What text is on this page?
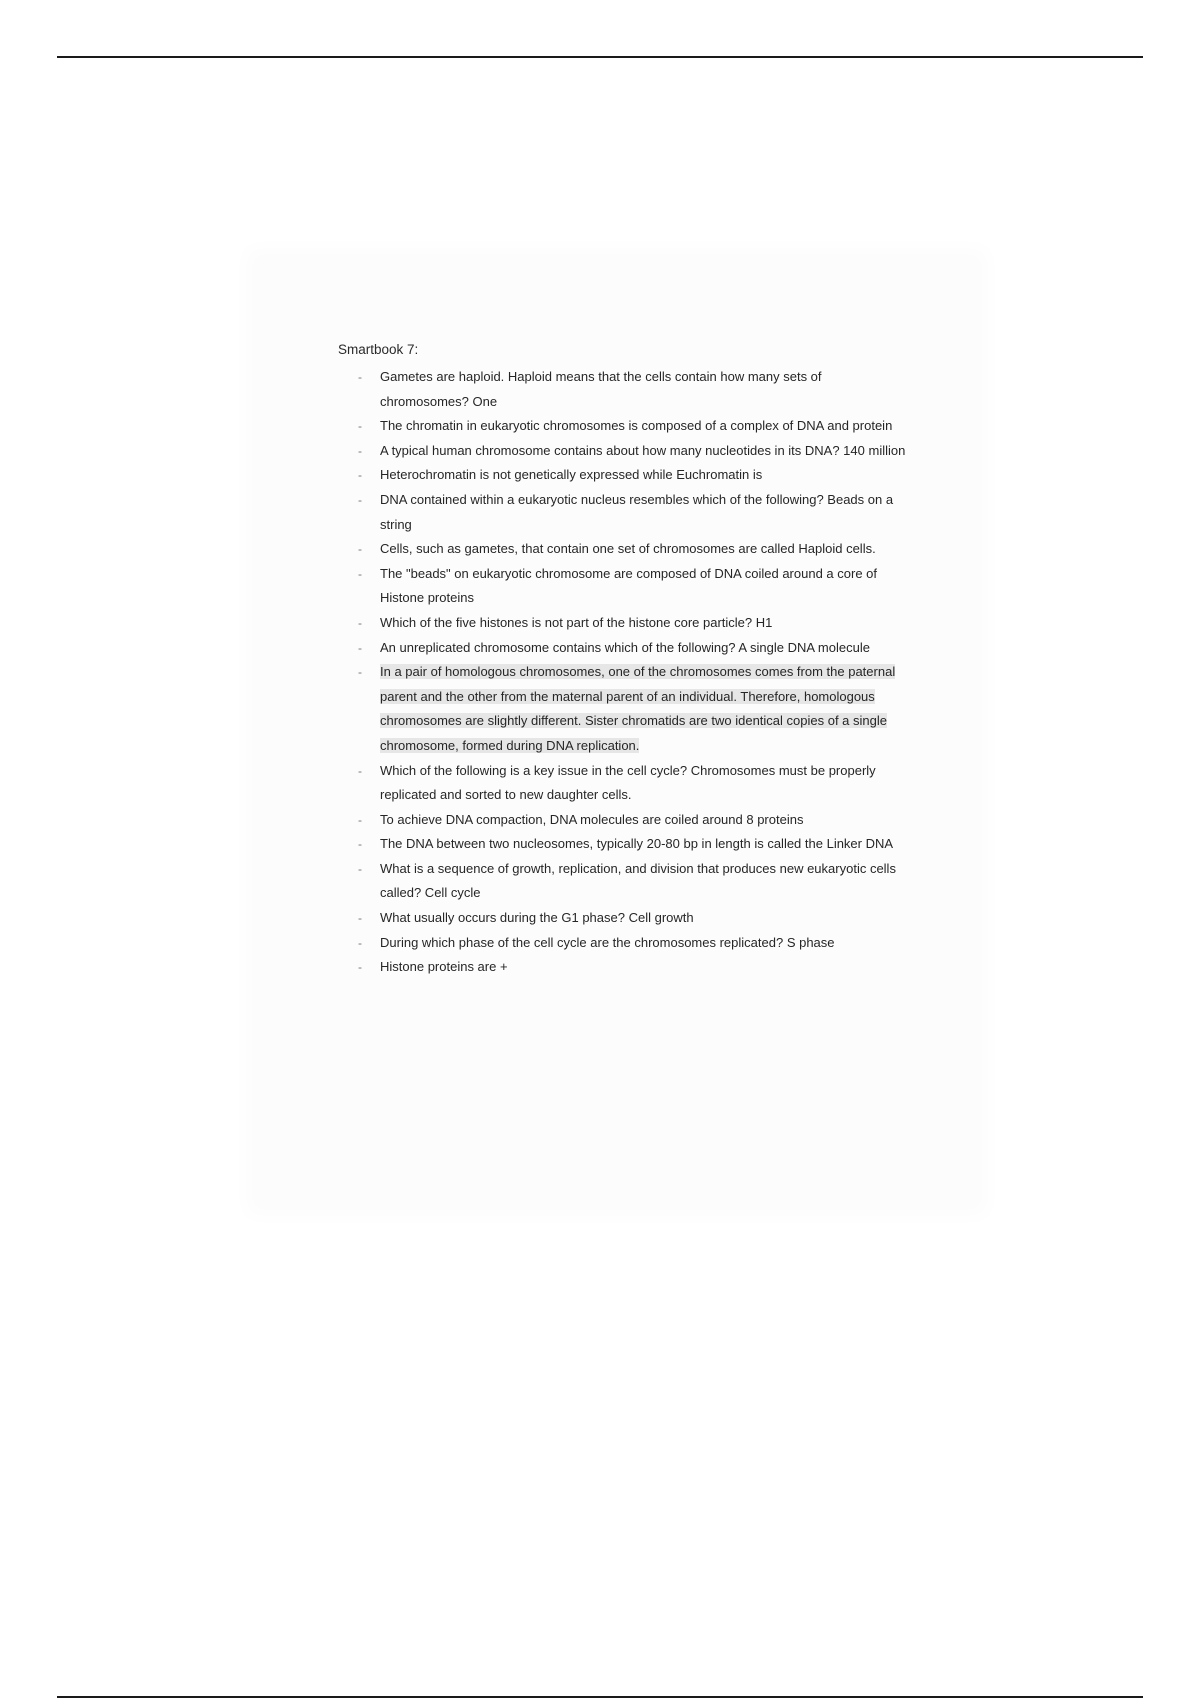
Smartbook 7:
- Gametes are haploid. Haploid means that the cells contain how many sets of chromosomes? One
- The chromatin in eukaryotic chromosomes is composed of a complex of DNA and protein
- A typical human chromosome contains about how many nucleotides in its DNA? 140 million
- Heterochromatin is not genetically expressed while Euchromatin is
- DNA contained within a eukaryotic nucleus resembles which of the following? Beads on a string
- Cells, such as gametes, that contain one set of chromosomes are called Haploid cells.
- The "beads" on eukaryotic chromosome are composed of DNA coiled around a core of Histone proteins
- Which of the five histones is not part of the histone core particle? H1
- An unreplicated chromosome contains which of the following? A single DNA molecule
- In a pair of homologous chromosomes, one of the chromosomes comes from the paternal parent and the other from the maternal parent of an individual. Therefore, homologous chromosomes are slightly different. Sister chromatids are two identical copies of a single chromosome, formed during DNA replication.
- Which of the following is a key issue in the cell cycle? Chromosomes must be properly replicated and sorted to new daughter cells.
- To achieve DNA compaction, DNA molecules are coiled around 8 proteins
- The DNA between two nucleosomes, typically 20-80 bp in length is called the Linker DNA
- What is a sequence of growth, replication, and division that produces new eukaryotic cells called? Cell cycle
- What usually occurs during the G1 phase? Cell growth
- During which phase of the cell cycle are the chromosomes replicated? S phase
- Histone proteins are +
